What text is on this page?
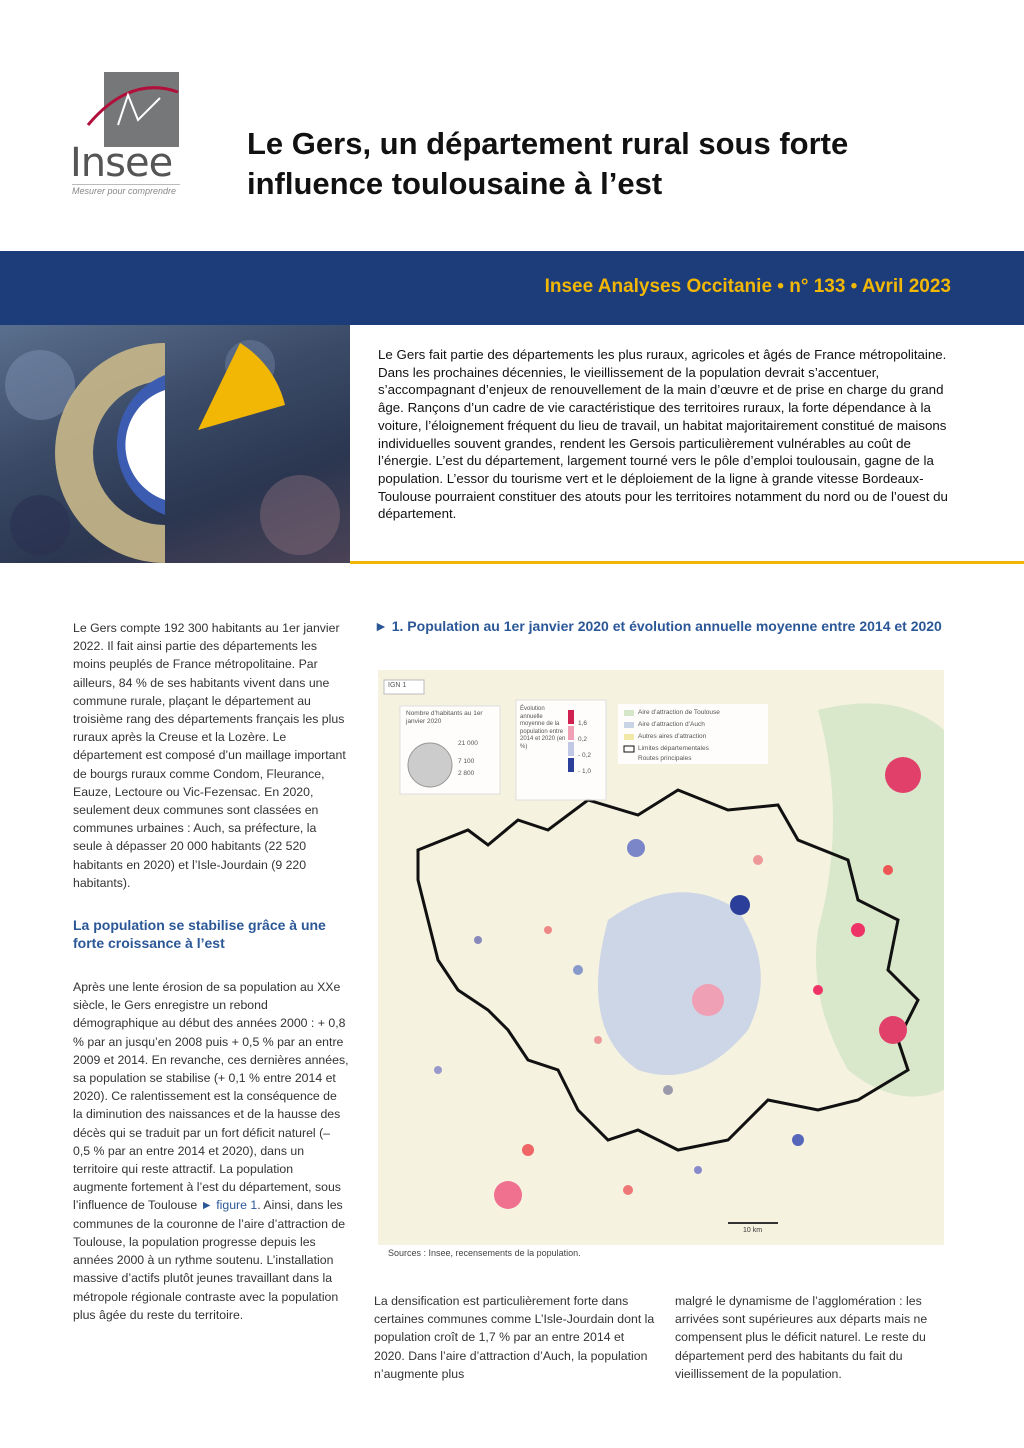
Insee
Mesurer pour comprendre
Le Gers, un département rural sous forte influence toulousaine à l’est
Insee Analyses Occitanie • n° 133 • Avril 2023
Le Gers fait partie des départements les plus ruraux, agricoles et âgés de France métropolitaine. Dans les prochaines décennies, le vieillissement de la population devrait s’accentuer, s’accompagnant d’enjeux de renouvellement de la main d’œuvre et de prise en charge du grand âge. Rançons d’un cadre de vie caractéristique des territoires ruraux, la forte dépendance à la voiture, l’éloignement fréquent du lieu de travail, un habitat majoritairement constitué de maisons individuelles souvent grandes, rendent les Gersois particulièrement vulnérables au coût de l’énergie. L’est du département, largement tourné vers le pôle d’emploi toulousain, gagne de la population. L’essor du tourisme vert et le déploiement de la ligne à grande vitesse Bordeaux-Toulouse pourraient constituer des atouts pour les territoires notamment du nord ou de l’ouest du département.

Le Gers compte 192 300 habitants au 1er janvier 2022. Il fait ainsi partie des départements les moins peuplés de France métropolitaine. Par ailleurs, 84 % de ses habitants vivent dans une commune rurale, plaçant le département au troisième rang des départements français les plus ruraux après la Creuse et la Lozère. Le département est composé d’un maillage important de bourgs ruraux comme Condom, Fleurance, Eauze, Lectoure ou Vic-Fezensac. En 2020, seulement deux communes sont classées en communes urbaines : Auch, sa préfecture, la seule à dépasser 20 000 habitants (22 520 habitants en 2020) et l’Isle-Jourdain (9 220 habitants).

La population se stabilise grâce à une forte croissance à l’est

Après une lente érosion de sa population au XXe siècle, le Gers enregistre un rebond démographique au début des années 2000 : + 0,8 % par an jusqu’en 2008 puis + 0,5 % par an entre 2009 et 2014. En revanche, ces dernières années, sa population se stabilise (+ 0,1 % entre 2014 et 2020). Ce ralentissement est la conséquence de la diminution des naissances et de la hausse des décès qui se traduit par un fort déficit naturel (– 0,5 % par an entre 2014 et 2020), dans un territoire qui reste attractif. La population augmente fortement à l’est du département, sous l’influence de Toulouse ► figure 1. Ainsi, dans les communes de la couronne de l’aire d’attraction de Toulouse, la population progresse depuis les années 2000 à un rythme soutenu. L’installation massive d’actifs plutôt jeunes travaillant dans la métropole régionale contraste avec la population plus âgée du reste du territoire.

► 1. Population au 1er janvier 2020 et évolution annuelle moyenne entre 2014 et 2020
Nombre d’habitants au 1er janvier 2020
21 000
7 100
2 800
Évolution annuelle moyenne de la population entre 2014 et 2020 (en %)
1,6
0,2
- 0,2
- 1,0
Aire d’attraction de Toulouse
Aire d’attraction d’Auch
Autres aires d’attraction
Limites départementales
Routes principales
IGN 1
10 km
Sources : Insee, recensements de la population.

La densification est particulièrement forte dans certaines communes comme L’Isle-Jourdain dont la population croît de 1,7 % par an entre 2014 et 2020. Dans l’aire d’attraction d’Auch, la population n’augmente plus

malgré le dynamisme de l’agglomération : les arrivées sont supérieures aux départs mais ne compensent plus le déficit naturel. Le reste du département perd des habitants du fait du vieillissement de la population.
